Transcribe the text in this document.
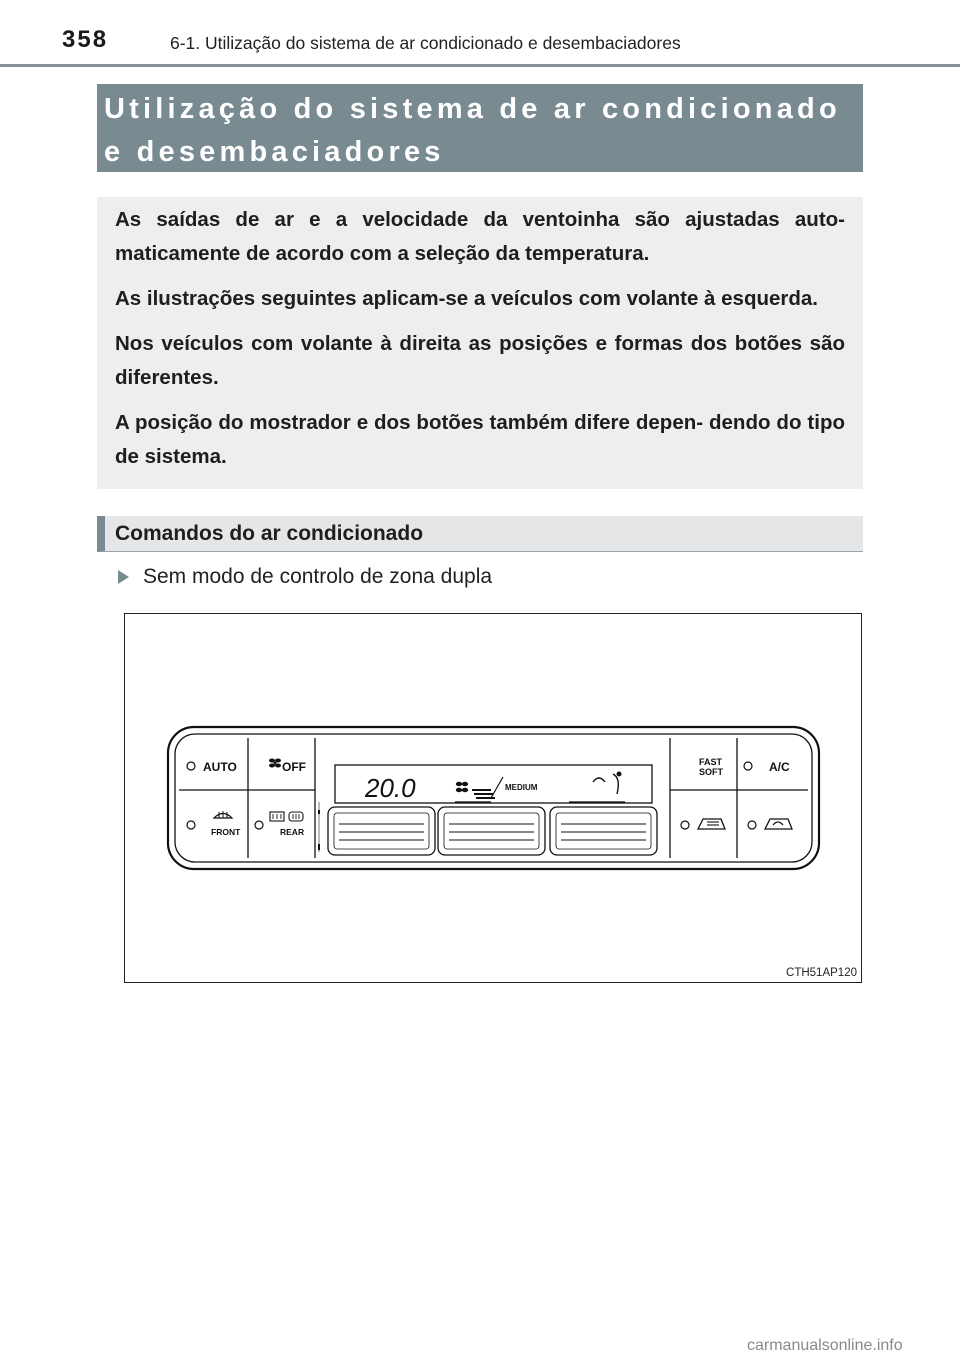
358	6-1. Utilização do sistema de ar condicionado e desembaciadores
Utilização do sistema de ar condicionado e desembaciadores

As saídas de ar e a velocidade da ventoinha são ajustadas auto- maticamente de acordo com a seleção da temperatura.

As ilustrações seguintes aplicam-se a veículos com volante à esquerda.

Nos veículos com volante à direita as posições e formas dos botões são diferentes.

A posição do mostrador e dos botões também difere depen- dendo do tipo de sistema.

Comandos do ar condicionado
Sem modo de controlo de zona dupla
AUTO	OFF
FRONT	REAR
20.0	MEDIUM
FAST
SOFT	A/C
CTH51AP120
carmanualsonline.info
